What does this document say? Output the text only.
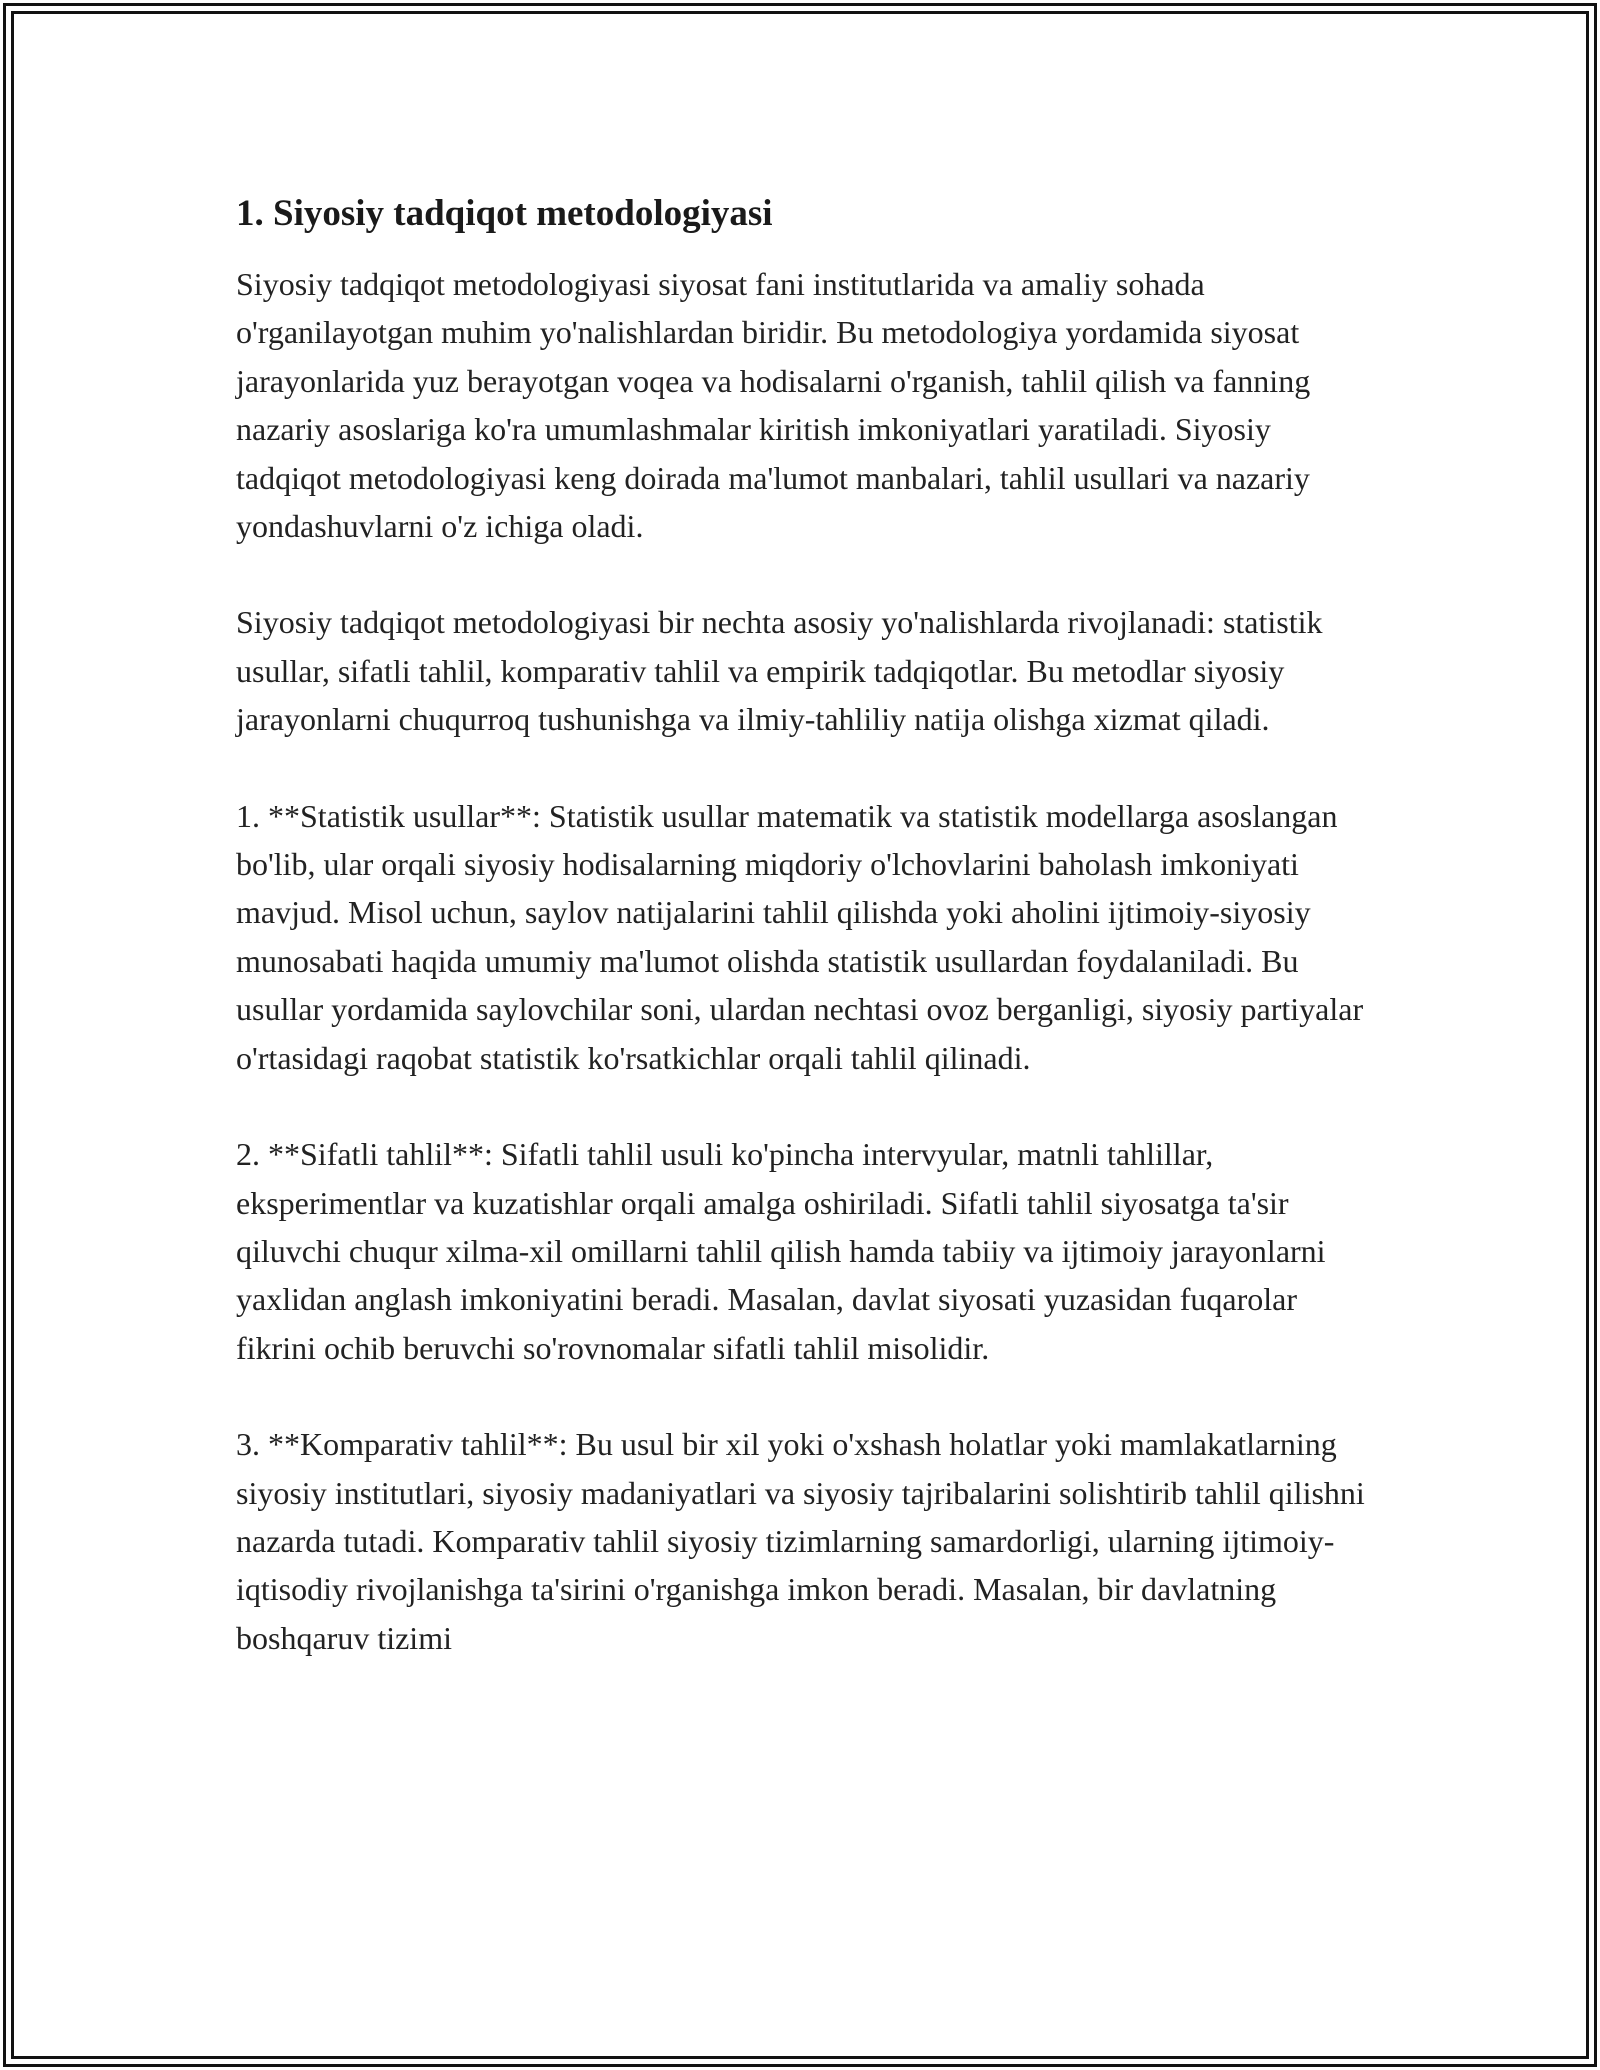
1. Siyosiy tadqiqot metodologiyasi

Siyosiy tadqiqot metodologiyasi siyosat fani institutlarida va amaliy sohada o'rganilayotgan muhim yo'nalishlardan biridir. Bu metodologiya yordamida siyosat jarayonlarida yuz berayotgan voqea va hodisalarni o'rganish, tahlil qilish va fanning nazariy asoslariga ko'ra umumlashmalar kiritish imkoniyatlari yaratiladi. Siyosiy tadqiqot metodologiyasi keng doirada ma'lumot manbalari, tahlil usullari va nazariy yondashuvlarni o'z ichiga oladi.

Siyosiy tadqiqot metodologiyasi bir nechta asosiy yo'nalishlarda rivojlanadi: statistik usullar, sifatli tahlil, komparativ tahlil va empirik tadqiqotlar. Bu metodlar siyosiy jarayonlarni chuqurroq tushunishga va ilmiy-tahliliy natija olishga xizmat qiladi.

1. **Statistik usullar**: Statistik usullar matematik va statistik modellarga asoslangan bo'lib, ular orqali siyosiy hodisalarning miqdoriy o'lchovlarini baholash imkoniyati mavjud. Misol uchun, saylov natijalarini tahlil qilishda yoki aholini ijtimoiy-siyosiy munosabati haqida umumiy ma'lumot olishda statistik usullardan foydalaniladi. Bu usullar yordamida saylovchilar soni, ulardan nechtasi ovoz berganligi, siyosiy partiyalar o'rtasidagi raqobat statistik ko'rsatkichlar orqali tahlil qilinadi.

2. **Sifatli tahlil**: Sifatli tahlil usuli ko'pincha intervyular, matnli tahlillar, eksperimentlar va kuzatishlar orqali amalga oshiriladi. Sifatli tahlil siyosatga ta'sir qiluvchi chuqur xilma-xil omillarni tahlil qilish hamda tabiiy va ijtimoiy jarayonlarni yaxlidan anglash imkoniyatini beradi. Masalan, davlat siyosati yuzasidan fuqarolar fikrini ochib beruvchi so'rovnomalar sifatli tahlil misolidir.

3. **Komparativ tahlil**: Bu usul bir xil yoki o'xshash holatlar yoki mamlakatlarning siyosiy institutlari, siyosiy madaniyatlari va siyosiy tajribalarini solishtirib tahlil qilishni nazarda tutadi. Komparativ tahlil siyosiy tizimlarning samardorligi, ularning ijtimoiy-iqtisodiy rivojlanishga ta'sirini o'rganishga imkon beradi. Masalan, bir davlatning boshqaruv tizimi
